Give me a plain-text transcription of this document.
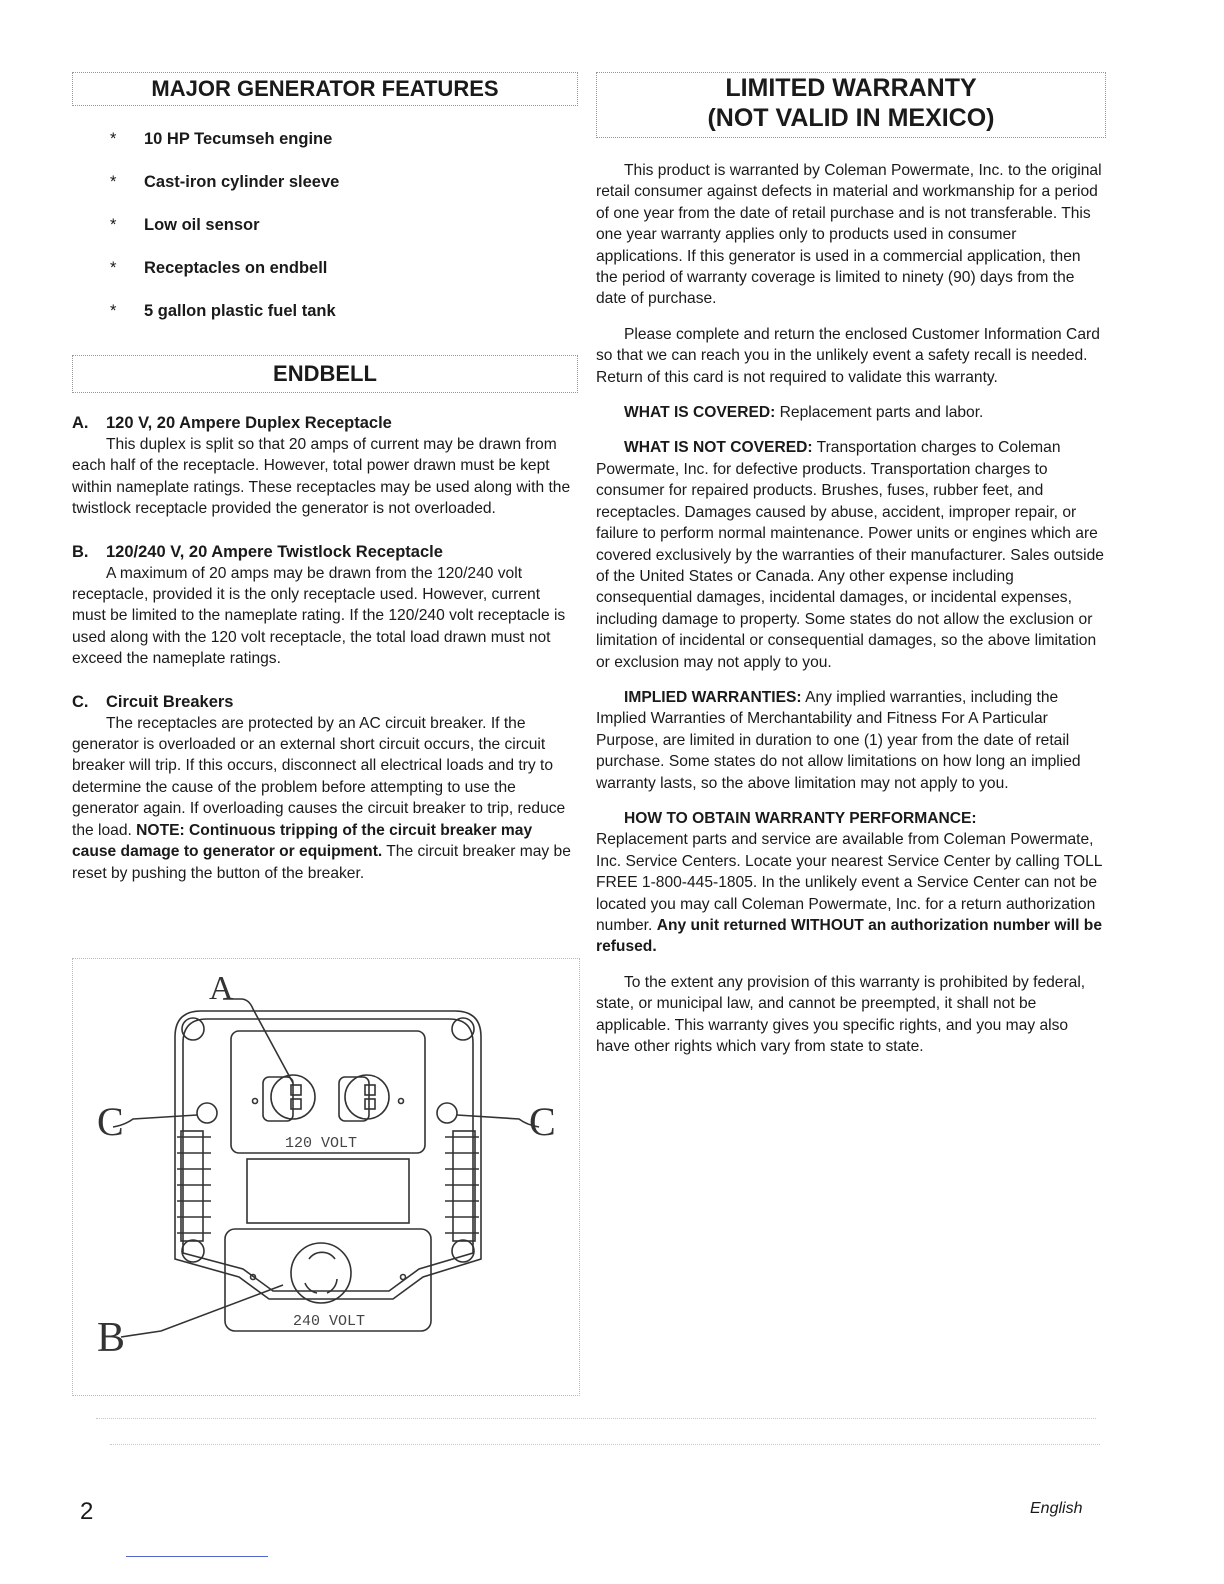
MAJOR GENERATOR FEATURES
* 10 HP Tecumseh engine
* Cast-iron cylinder sleeve
* Low oil sensor
* Receptacles on endbell
* 5 gallon plastic fuel tank
ENDBELL
A. 120 V, 20 Ampere Duplex Receptacle

This duplex is split so that 20 amps of current may be drawn from each half of the receptacle. However, total power drawn must be kept within nameplate ratings. These receptacles may be used along with the twistlock receptacle provided the generator is not overloaded.

B. 120/240 V, 20 Ampere Twistlock Receptacle

A maximum of 20 amps may be drawn from the 120/240 volt receptacle, provided it is the only receptacle used. However, current must be limited to the nameplate rating. If the 120/240 volt receptacle is used along with the 120 volt receptacle, the total load drawn must not exceed the nameplate ratings.

C. Circuit Breakers

The receptacles are protected by an AC circuit breaker. If the generator is overloaded or an external short circuit occurs, the circuit breaker will trip. If this occurs, disconnect all electrical loads and try to determine the cause of the problem before attempting to use the generator again. If overloading causes the circuit breaker to trip, reduce the load. NOTE: Continuous tripping of the circuit breaker may cause damage to generator or equipment. The circuit breaker may be reset by pushing the button of the breaker.

A
C	C
B
120 VOLT
240 VOLT
LIMITED WARRANTY
(NOT VALID IN MEXICO)

This product is warranted by Coleman Powermate, Inc. to the original retail consumer against defects in material and workmanship for a period of one year from the date of retail purchase and is not transferable. This one year warranty applies only to products used in consumer applications. If this generator is used in a commercial application, then the period of warranty coverage is limited to ninety (90) days from the date of purchase.

Please complete and return the enclosed Customer Information Card so that we can reach you in the unlikely event a safety recall is needed. Return of this card is not required to validate this warranty.

WHAT IS COVERED: Replacement parts and labor.

WHAT IS NOT COVERED: Transportation charges to Coleman Powermate, Inc. for defective products. Transportation charges to consumer for repaired products. Brushes, fuses, rubber feet, and receptacles. Damages caused by abuse, accident, improper repair, or failure to perform normal maintenance. Power units or engines which are covered exclusively by the warranties of their manufacturer. Sales outside of the United States or Canada. Any other expense including consequential damages, incidental damages, or incidental expenses, including damage to property. Some states do not allow the exclusion or limitation of incidental or consequential damages, so the above limitation or exclusion may not apply to you.

IMPLIED WARRANTIES: Any implied warranties, including the Implied Warranties of Merchantability and Fitness For A Particular Purpose, are limited in duration to one (1) year from the date of retail purchase. Some states do not allow limitations on how long an implied warranty lasts, so the above limitation may not apply to you.

HOW TO OBTAIN WARRANTY PERFORMANCE:
Replacement parts and service are available from Coleman Powermate, Inc. Service Centers. Locate your nearest Service Center by calling TOLL FREE 1-800-445-1805. In the unlikely event a Service Center can not be located you may call Coleman Powermate, Inc. for a return authorization number. Any unit returned WITHOUT an authorization number will be refused.

To the extent any provision of this warranty is prohibited by federal, state, or municipal law, and cannot be preempted, it shall not be applicable. This warranty gives you specific rights, and you may also have other rights which vary from state to state.

2	English
